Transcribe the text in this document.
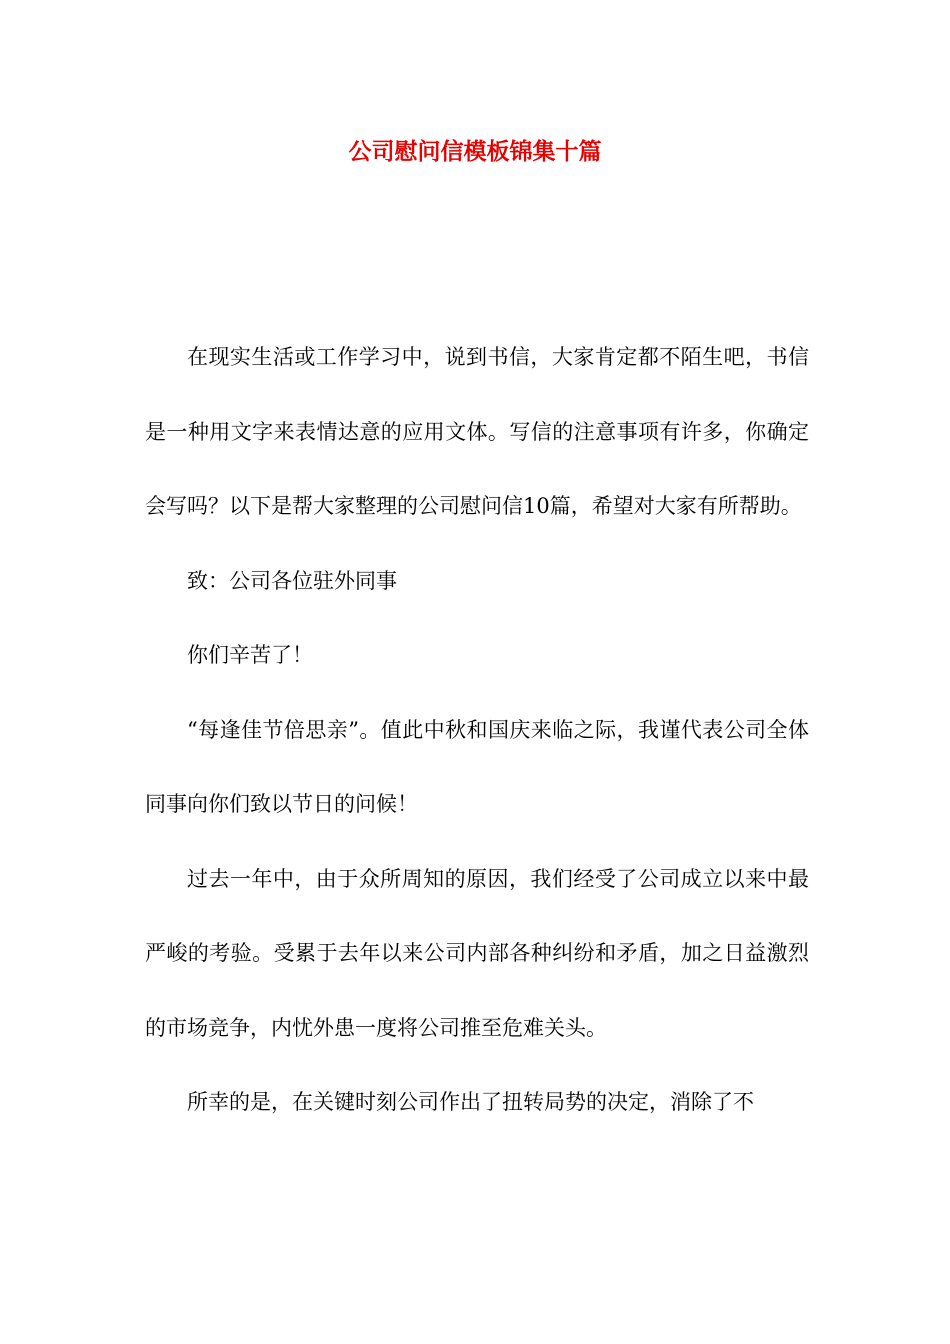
公司慰问信模板锦集十篇

在现实生活或工作学习中，说到书信，大家肯定都不陌生吧，书信是一种用文字来表情达意的应用文体。写信的注意事项有许多，你确定会写吗？以下是帮大家整理的公司慰问信10篇，希望对大家有所帮助。

致：公司各位驻外同事

你们辛苦了！

“每逢佳节倍思亲”。值此中秋和国庆来临之际，我谨代表公司全体同事向你们致以节日的问候！

过去一年中，由于众所周知的原因，我们经受了公司成立以来中最严峻的考验。受累于去年以来公司内部各种纠纷和矛盾，加之日益激烈的市场竞争，内忧外患一度将公司推至危难关头。

所幸的是，在关键时刻公司作出了扭转局势的决定，消除了不
